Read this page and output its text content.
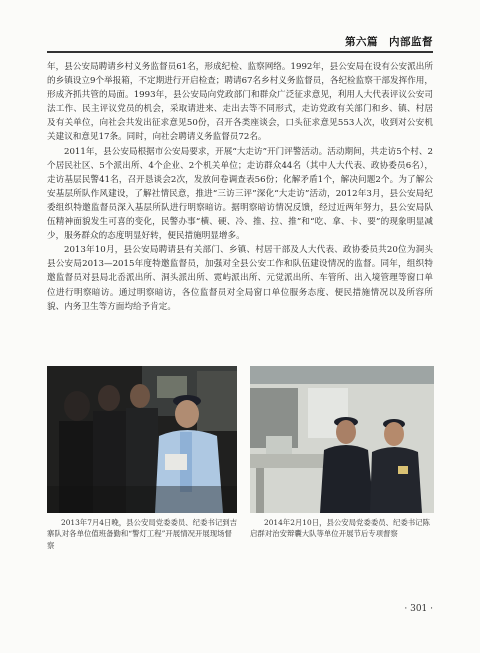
第六篇　内部监督

年，县公安局聘请乡村义务监督员61名，形成纪检、监察网络。1992年，县公安局在设有公安派出所的乡镇设立9个举报箱，不定期进行开启检查；聘请67名乡村义务监督员，各纪检监察干部发挥作用，形成齐抓共管的局面。1993年，县公安局向党政部门和群众广泛征求意见，利用人大代表评议公安司法工作、民主评议党员的机会，采取请进来、走出去等不同形式，走访党政有关部门和乡、镇、村居及有关单位，向社会共发出征求意见50份，召开各类座谈会，口头征求意见553人次，收到对公安机关建议和意见17条。同时，向社会聘请义务监督员72名。

2011年，县公安局根据市公安局要求，开展“大走访”开门评警活动。活动期间，共走访5个村、2个居民社区、5个派出所、4个企业、2个机关单位；走访群众44名（其中人大代表、政协委员6名），走访基层民警41名，召开恳谈会2次，发放问卷调查表56份；化解矛盾1个，解决问题2个。为了解公安基层所队作风建设，了解社情民意，推进“三访三评”深化“大走访”活动，2012年3月，县公安局纪委组织特邀监督员深入基层所队进行明察暗访。据明察暗访情况反馈，经过近两年努力，县公安局队伍精神面貌发生可喜的变化，民警办事“横、硬、冷、推、拉、推”和“吃、拿、卡、要”的现象明显减少，服务群众的态度明显好转，便民措施明显增多。

2013年10月，县公安局聘请县有关部门、乡镇、村居干部及人大代表、政协委员共20位为洞头县公安局2013—2015年度特邀监督员，加强对全县公安工作和队伍建设情况的监督。同年，组织特邀监督员对县局北岙派出所、洞头派出所、霓屿派出所、元觉派出所、车管所、出入境管理等窗口单位进行明察暗访。通过明察暗访，各位监督员对全局窗口单位服务态度、便民措施情况以及所容所貌、内务卫生等方面均给予肯定。

2013年7月4日晚，县公安局党委委员、纪委书记到吉寨队对各单位值班备勤和“警灯工程”开展情况开展现场督察
2014年2月10日，县公安局党委委员、纪委书记陈启群对治安辩囊大队等单位开展节后专项督察
· 301 ·
